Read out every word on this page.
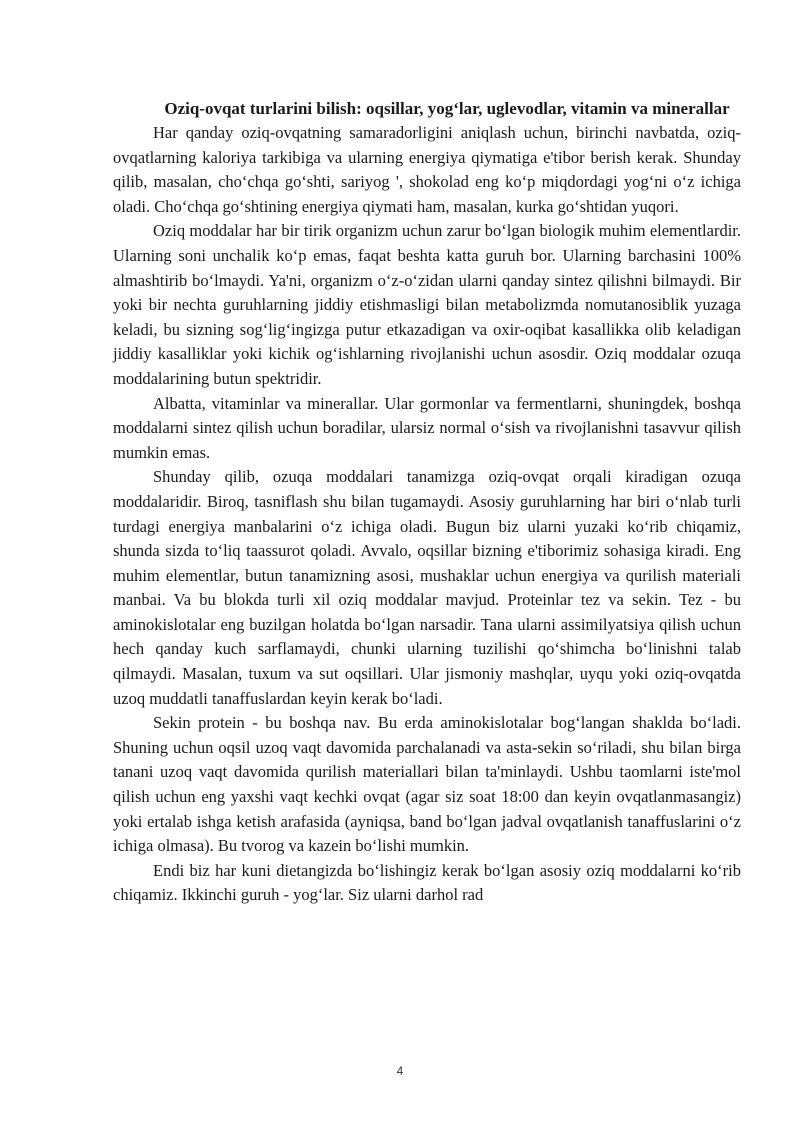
Oziq-ovqat turlarini bilish: oqsillar, yog‘lar, uglevodlar, vitamin va minerallar

Har qanday oziq-ovqatning samaradorligini aniqlash uchun, birinchi navbatda, oziq-ovqatlarning kaloriya tarkibiga va ularning energiya qiymatiga e'tibor berish kerak. Shunday qilib, masalan, cho‘chqa go‘shti, sariyog ', shokolad eng ko‘p miqdordagi yog‘ni o‘z ichiga oladi. Cho‘chqa go‘shtining energiya qiymati ham, masalan, kurka go‘shtidan yuqori.

Oziq moddalar har bir tirik organizm uchun zarur bo‘lgan biologik muhim elementlardir. Ularning soni unchalik ko‘p emas, faqat beshta katta guruh bor. Ularning barchasini 100% almashtirib bo‘lmaydi. Ya'ni, organizm o‘z-o‘zidan ularni qanday sintez qilishni bilmaydi. Bir yoki bir nechta guruhlarning jiddiy etishmasligi bilan metabolizmda nomutanosiblik yuzaga keladi, bu sizning sog‘lig‘ingizga putur etkazadigan va oxir-oqibat kasallikka olib keladigan jiddiy kasalliklar yoki kichik og‘ishlarning rivojlanishi uchun asosdir. Oziq moddalar ozuqa moddalarining butun spektridir.

Albatta, vitaminlar va minerallar. Ular gormonlar va fermentlarni, shuningdek, boshqa moddalarni sintez qilish uchun boradilar, ularsiz normal o‘sish va rivojlanishni tasavvur qilish mumkin emas.

Shunday qilib, ozuqa moddalari tanamizga oziq-ovqat orqali kiradigan ozuqa moddalaridir. Biroq, tasniflash shu bilan tugamaydi. Asosiy guruhlarning har biri o‘nlab turli turdagi energiya manbalarini o‘z ichiga oladi. Bugun biz ularni yuzaki ko‘rib chiqamiz, shunda sizda to‘liq taassurot qoladi. Avvalo, oqsillar bizning e'tiborimiz sohasiga kiradi. Eng muhim elementlar, butun tanamizning asosi, mushaklar uchun energiya va qurilish materiali manbai. Va bu blokda turli xil oziq moddalar mavjud. Proteinlar tez va sekin. Tez - bu aminokislotalar eng buzilgan holatda bo‘lgan narsadir. Tana ularni assimilyatsiya qilish uchun hech qanday kuch sarflamaydi, chunki ularning tuzilishi qo‘shimcha bo‘linishni talab qilmaydi. Masalan, tuxum va sut oqsillari. Ular jismoniy mashqlar, uyqu yoki oziq-ovqatda uzoq muddatli tanaffuslardan keyin kerak bo‘ladi.

Sekin protein - bu boshqa nav. Bu erda aminokislotalar bog‘langan shaklda bo‘ladi. Shuning uchun oqsil uzoq vaqt davomida parchalanadi va asta-sekin so‘riladi, shu bilan birga tanani uzoq vaqt davomida qurilish materiallari bilan ta'minlaydi. Ushbu taomlarni iste'mol qilish uchun eng yaxshi vaqt kechki ovqat (agar siz soat 18:00 dan keyin ovqatlanmasangiz) yoki ertalab ishga ketish arafasida (ayniqsa, band bo‘lgan jadval ovqatlanish tanaffuslarini o‘z ichiga olmasa). Bu tvorog va kazein bo‘lishi mumkin.

Endi biz har kuni dietangizda bo‘lishingiz kerak bo‘lgan asosiy oziq moddalarni ko‘rib chiqamiz. Ikkinchi guruh - yog‘lar. Siz ularni darhol rad

4
